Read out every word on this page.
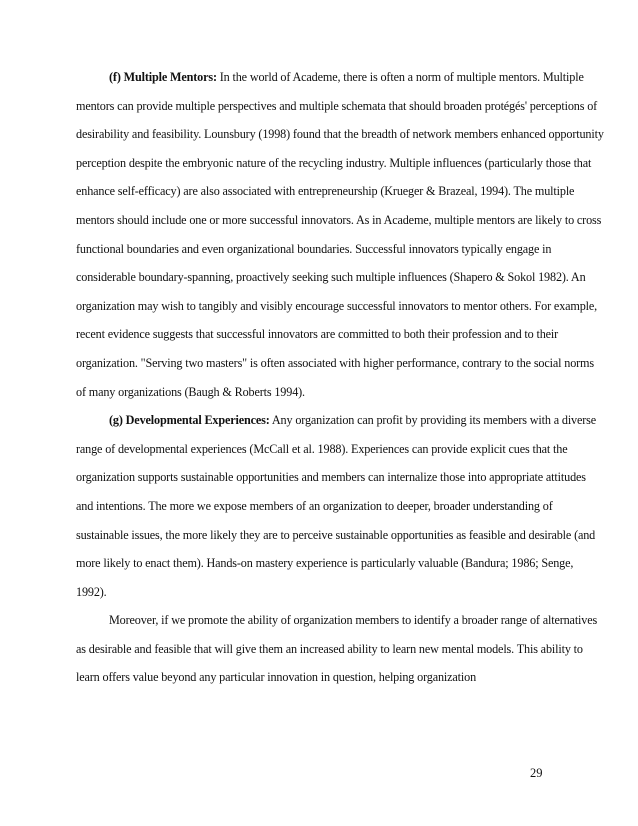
(f) Multiple Mentors: In the world of Academe, there is often a norm of multiple mentors. Multiple mentors can provide multiple perspectives and multiple schemata that should broaden protégés' perceptions of desirability and feasibility. Lounsbury (1998) found that the breadth of network members enhanced opportunity perception despite the embryonic nature of the recycling industry. Multiple influences (particularly those that enhance self-efficacy) are also associated with entrepreneurship (Krueger & Brazeal, 1994). The multiple mentors should include one or more successful innovators. As in Academe, multiple mentors are likely to cross functional boundaries and even organizational boundaries. Successful innovators typically engage in considerable boundary-spanning, proactively seeking such multiple influences (Shapero & Sokol 1982). An organization may wish to tangibly and visibly encourage successful innovators to mentor others. For example, recent evidence suggests that successful innovators are committed to both their profession and to their organization. "Serving two masters" is often associated with higher performance, contrary to the social norms of many organizations (Baugh & Roberts 1994).

(g) Developmental Experiences: Any organization can profit by providing its members with a diverse range of developmental experiences (McCall et al. 1988). Experiences can provide explicit cues that the organization supports sustainable opportunities and members can internalize those into appropriate attitudes and intentions. The more we expose members of an organization to deeper, broader understanding of sustainable issues, the more likely they are to perceive sustainable opportunities as feasible and desirable (and more likely to enact them). Hands-on mastery experience is particularly valuable (Bandura; 1986; Senge, 1992).

Moreover, if we promote the ability of organization members to identify a broader range of alternatives as desirable and feasible that will give them an increased ability to learn new mental models. This ability to learn offers value beyond any particular innovation in question, helping organization

29
